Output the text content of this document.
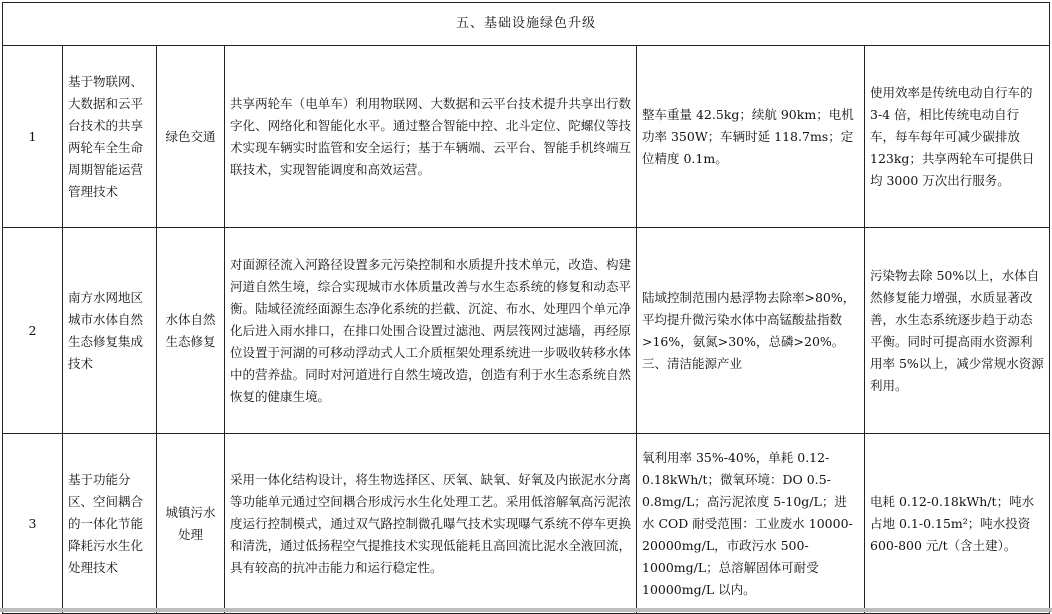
五、基础设施绿色升级					
1	基于物联网、大数据和云平台技术的共享两轮车全生命周期智能运营管理技术	绿色交通	共享两轮车（电单车）利用物联网、大数据和云平台技术提升共享出行数字化、网络化和智能化水平。通过整合智能中控、北斗定位、陀螺仪等技术实现车辆实时监管和安全运行；基于车辆端、云平台、智能手机终端互联技术，实现智能调度和高效运营。	整车重量 42.5kg；续航 90km；电机功率 350W；车辆时延 118.7ms；定位精度 0.1m。	使用效率是传统电动自行车的 3-4 倍，相比传统电动自行车，每车每年可减少碳排放 123kg；共享两轮车可提供日均 3000 万次出行服务。
2	南方水网地区城市水体自然生态修复集成技术	水体自然生态修复	对面源径流入河路径设置多元污染控制和水质提升技术单元，改造、构建河道自然生境，综合实现城市水体质量改善与水生态系统的修复和动态平衡。陆域径流经面源生态净化系统的拦截、沉淀、布水、处理四个单元净化后进入雨水排口，在排口处围合设置过滤池、两层筏网过滤墙，再经原位设置于河湖的可移动浮动式人工介质框架处理系统进一步吸收转移水体中的营养盐。同时对河道进行自然生境改造，创造有利于水生态系统自然恢复的健康生境。	陆域控制范围内悬浮物去除率>80%，平均提升微污染水体中高锰酸盐指数>16%，氨氮>30%，总磷>20%。三、清洁能源产业	污染物去除 50%以上，水体自然修复能力增强，水质显著改善，水生态系统逐步趋于动态平衡。同时可提高雨水资源利用率 5%以上，减少常规水资源利用。
3	基于功能分区、空间耦合的一体化节能降耗污水生化处理技术	城镇污水处理	采用一体化结构设计，将生物选择区、厌氧、缺氧、好氧及内嵌泥水分离等功能单元通过空间耦合形成污水生化处理工艺。采用低溶解氧高污泥浓度运行控制模式，通过双气路控制微孔曝气技术实现曝气系统不停车更换和清洗，通过低扬程空气提推技术实现低能耗且高回流比泥水全液回流，具有较高的抗冲击能力和运行稳定性。	氧利用率 35%-40%，单耗 0.12-0.18kWh/t；微氧环境：DO 0.5-0.8mg/L；高污泥浓度 5-10g/L；进水 COD 耐受范围：工业废水 10000-20000mg/L，市政污水 500-1000mg/L；总溶解固体可耐受 10000mg/L 以内。	电耗 0.12-0.18kWh/t；吨水占地 0.1-0.15m²；吨水投资 600-800 元/t（含土建）。
